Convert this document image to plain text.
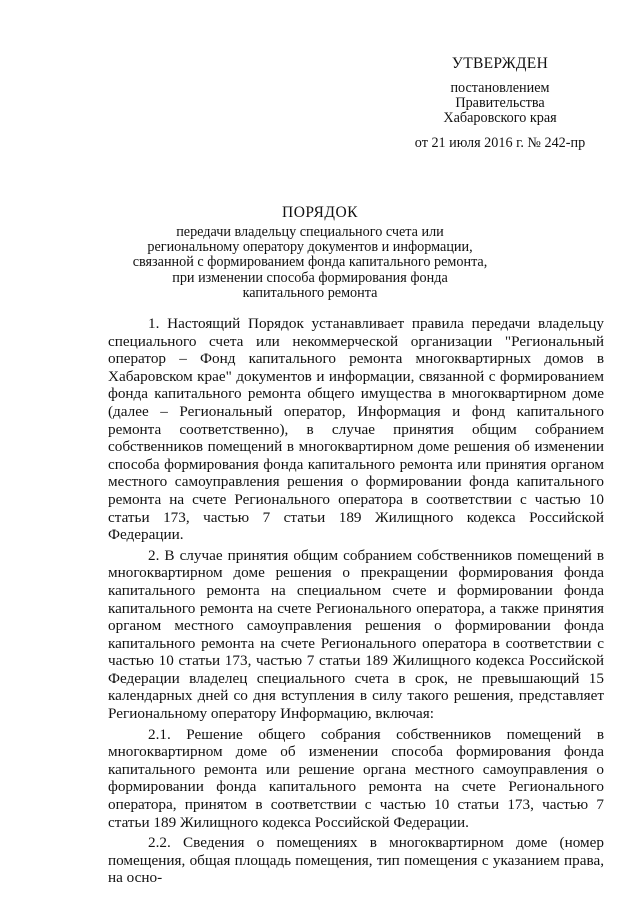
УТВЕРЖДЕН
постановлением
Правительства
Хабаровского края
от 21 июля 2016 г. № 242-пр
ПОРЯДОК
передачи владельцу специального счета или региональному оператору документов и информации, связанной с формированием фонда капитального ремонта, при изменении способа формирования фонда капитального ремонта

1. Настоящий Порядок устанавливает правила передачи владельцу специального счета или некоммерческой организации "Региональный оператор – Фонд капитального ремонта многоквартирных домов в Хабаровском крае" документов и информации, связанной с формированием фонда капитального ремонта общего имущества в многоквартирном доме (далее – Региональный оператор, Информация и фонд капитального ремонта соответственно), в случае принятия общим собранием собственников помещений в многоквартирном доме решения об изменении способа формирования фонда капитального ремонта или принятия органом местного самоуправления решения о формировании фонда капитального ремонта на счете Регионального оператора в соответствии с частью 10 статьи 173, частью 7 статьи 189 Жилищного кодекса Российской Федерации.

2. В случае принятия общим собранием собственников помещений в многоквартирном доме решения о прекращении формирования фонда капитального ремонта на специальном счете и формировании фонда капитального ремонта на счете Регионального оператора, а также принятия органом местного самоуправления решения о формировании фонда капитального ремонта на счете Регионального оператора в соответствии с частью 10 статьи 173, частью 7 статьи 189 Жилищного кодекса Российской Федерации владелец специального счета в срок, не превышающий 15 календарных дней со дня вступления в силу такого решения, представляет Региональному оператору Информацию, включая:

2.1. Решение общего собрания собственников помещений в многоквартирном доме об изменении способа формирования фонда капитального ремонта или решение органа местного самоуправления о формировании фонда капитального ремонта на счете Регионального оператора, принятом в соответствии с частью 10 статьи 173, частью 7 статьи 189 Жилищного кодекса Российской Федерации.

2.2. Сведения о помещениях в многоквартирном доме (номер помещения, общая площадь помещения, тип помещения с указанием права, на осно-
